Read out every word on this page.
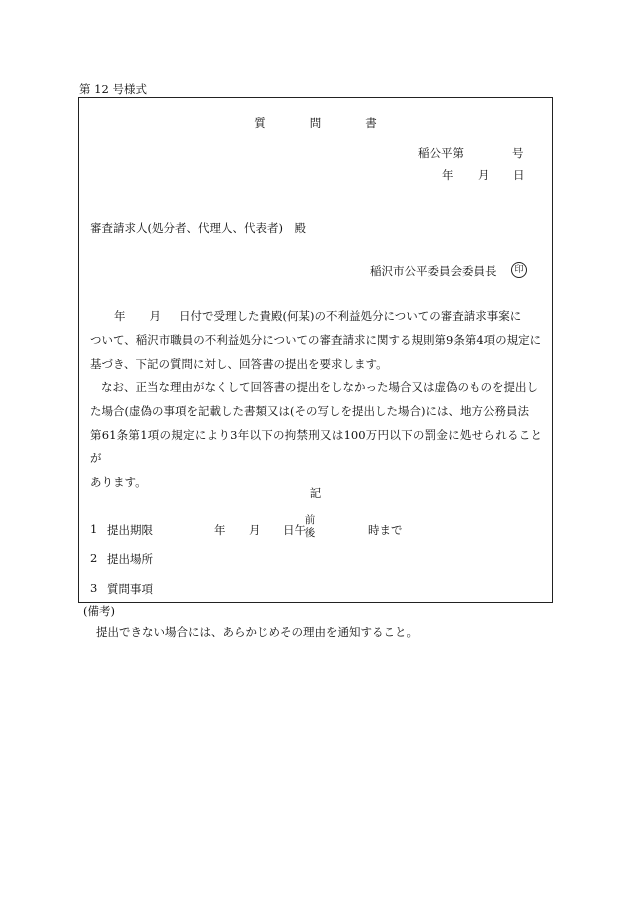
第 12 号様式
質	問	書
稲公平第	号
年 月 日
審査請求人(処分者、代理人、代表者)　殿
稲沢市公平委員会委員長	印
年 月 日付で受理した貴殿(何某)の不利益処分についての審査請求事案に
ついて、稲沢市職員の不利益処分についての審査請求に関する規則第9条第4項の規定に
基づき、下記の質問に対し、回答書の提出を要求します。
なお、正当な理由がなくして回答書の提出をしなかった場合又は虚偽のものを提出し
た場合(虚偽の事項を記載した書類又は(その写しを提出した場合)には、地方公務員法
第61条第1項の規定により3年以下の拘禁刑又は100万円以下の罰金に処せられることが
あります。
記
1 提出期限	年 月 日午
前
後	時まで
2 提出場所
3 質問事項
(備考)
提出できない場合には、あらかじめその理由を通知すること。
